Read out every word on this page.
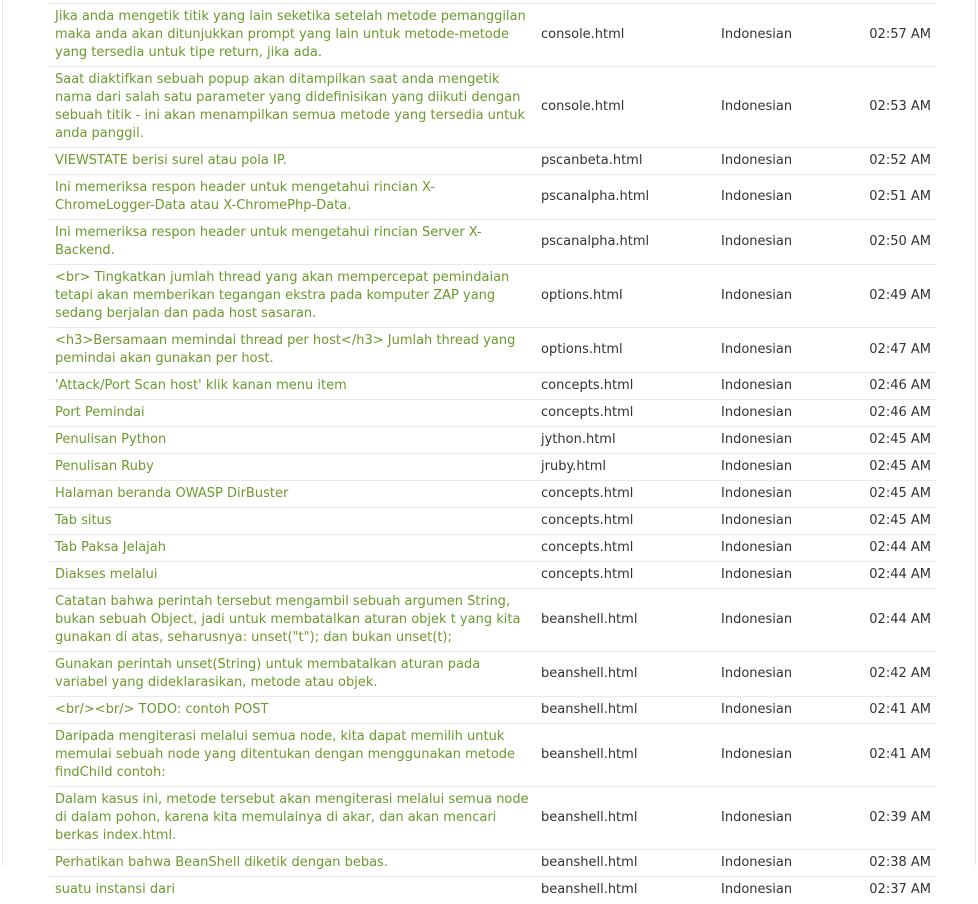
Jika anda mengetik titik yang lain seketika setelah metode pemanggilan maka anda akan ditunjukkan prompt yang lain untuk metode-metode yang tersedia untuk tipe return, jika ada.	console.html	Indonesian	02:57 AM
Saat diaktifkan sebuah popup akan ditampilkan saat anda mengetik nama dari salah satu parameter yang didefinisikan yang diikuti dengan sebuah titik - ini akan menampilkan semua metode yang tersedia untuk anda panggil.	console.html	Indonesian	02:53 AM
VIEWSTATE berisi surel atau pola IP.	pscanbeta.html	Indonesian	02:52 AM
Ini memeriksa respon header untuk mengetahui rincian X-ChromeLogger-Data atau X-ChromePhp-Data.	pscanalpha.html	Indonesian	02:51 AM
Ini memeriksa respon header untuk mengetahui rincian Server X-Backend.	pscanalpha.html	Indonesian	02:50 AM
<br> Tingkatkan jumlah thread yang akan mempercepat pemindaian tetapi akan memberikan tegangan ekstra pada komputer ZAP yang sedang berjalan dan pada host sasaran.	options.html	Indonesian	02:49 AM
<h3>Bersamaan memindai thread per host</h3> Jumlah thread yang pemindai akan gunakan per host.	options.html	Indonesian	02:47 AM
'Attack/Port Scan host' klik kanan menu item	concepts.html	Indonesian	02:46 AM
Port Pemindai	concepts.html	Indonesian	02:46 AM
Penulisan Python	jython.html	Indonesian	02:45 AM
Penulisan Ruby	jruby.html	Indonesian	02:45 AM
Halaman beranda OWASP DirBuster	concepts.html	Indonesian	02:45 AM
Tab situs	concepts.html	Indonesian	02:45 AM
Tab Paksa Jelajah	concepts.html	Indonesian	02:44 AM
Diakses melalui	concepts.html	Indonesian	02:44 AM
Catatan bahwa perintah tersebut mengambil sebuah argumen String, bukan sebuah Object, jadi untuk membatalkan aturan objek t yang kita gunakan di atas, seharusnya: unset("t"); dan bukan unset(t);	beanshell.html	Indonesian	02:44 AM
Gunakan perintah unset(String) untuk membatalkan aturan pada variabel yang dideklarasikan, metode atau objek.	beanshell.html	Indonesian	02:42 AM
<br/><br/> TODO: contoh POST	beanshell.html	Indonesian	02:41 AM
Daripada mengiterasi melalui semua node, kita dapat memilih untuk memulai sebuah node yang ditentukan dengan menggunakan metode findChild contoh:	beanshell.html	Indonesian	02:41 AM
Dalam kasus ini, metode tersebut akan mengiterasi melalui semua node di dalam pohon, karena kita memulainya di akar, dan akan mencari berkas index.html.	beanshell.html	Indonesian	02:39 AM
Perhatikan bahwa BeanShell diketik dengan bebas.	beanshell.html	Indonesian	02:38 AM
suatu instansi dari	beanshell.html	Indonesian	02:37 AM
